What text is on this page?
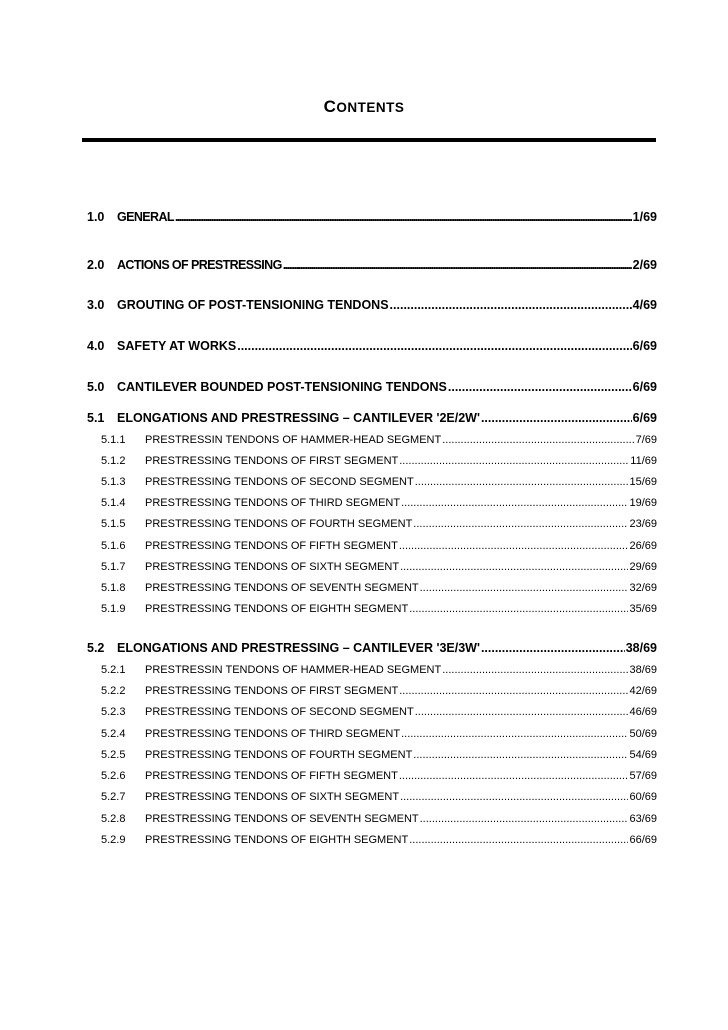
CONTENTS
1.0	GENERAL .....	1/69
2.0	ACTIONS OF PRESTRESSING .....	2/69
3.0	GROUTING OF POST-TENSIONING TENDONS .....	4/69
4.0	SAFETY AT WORKS .....	6/69
5.0	CANTILEVER BOUNDED POST-TENSIONING TENDONS .....	6/69
5.1	ELONGATIONS AND PRESTRESSING – CANTILEVER '2E/2W' .....	6/69
5.1.1	PRESTRESSIN TENDONS OF HAMMER-HEAD SEGMENT .....	7/69
5.1.2	PRESTRESSING TENDONS OF FIRST SEGMENT .....	11/69
5.1.3	PRESTRESSING TENDONS OF SECOND SEGMENT .....	15/69
5.1.4	PRESTRESSING TENDONS OF THIRD SEGMENT .....	19/69
5.1.5	PRESTRESSING TENDONS OF FOURTH SEGMENT .....	23/69
5.1.6	PRESTRESSING TENDONS OF FIFTH SEGMENT .....	26/69
5.1.7	PRESTRESSING TENDONS OF SIXTH SEGMENT .....	29/69
5.1.8	PRESTRESSING TENDONS OF SEVENTH SEGMENT .....	32/69
5.1.9	PRESTRESSING TENDONS OF EIGHTH SEGMENT .....	35/69
5.2	ELONGATIONS AND PRESTRESSING – CANTILEVER '3E/3W' .....	38/69
5.2.1	PRESTRESSIN TENDONS OF HAMMER-HEAD SEGMENT .....	38/69
5.2.2	PRESTRESSING TENDONS OF FIRST SEGMENT .....	42/69
5.2.3	PRESTRESSING TENDONS OF SECOND SEGMENT .....	46/69
5.2.4	PRESTRESSING TENDONS OF THIRD SEGMENT .....	50/69
5.2.5	PRESTRESSING TENDONS OF FOURTH SEGMENT .....	54/69
5.2.6	PRESTRESSING TENDONS OF FIFTH SEGMENT .....	57/69
5.2.7	PRESTRESSING TENDONS OF SIXTH SEGMENT .....	60/69
5.2.8	PRESTRESSING TENDONS OF SEVENTH SEGMENT .....	63/69
5.2.9	PRESTRESSING TENDONS OF EIGHTH SEGMENT .....	66/69
